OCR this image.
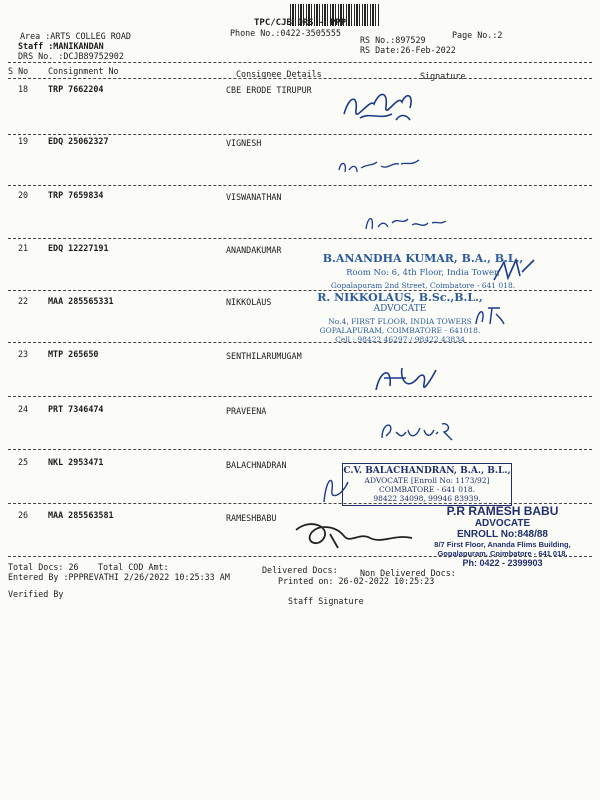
TPC/CJB DRS - PPP
Phone No.:0422-3505555
Area :ARTS COLLEG ROAD
Staff :MANIKANDAN
DRS No. :DCJB89752902
RS No.:897529
RS Date:26-Feb-2022
Page No.:2
S No Consignment No	Consignee Details	Signature
18 TRP 7662204	CBE ERODE TIRUPUR
19 EDQ 25062327	VIGNESH
20 TRP 7659834	VISWANATHAN
21 EDQ 12227191	ANANDAKUMAR
22 MAA 285565331	NIKKOLAUS
23 MTP 265650	SENTHILARUMUGAM
24 PRT 7346474	PRAVEENA
25 NKL 2953471	BALACHNADRAN
26 MAA 285563581	RAMESHBABU
B.ANANDHA KUMAR, B.A., B.L.,
Room No: 6, 4th Floor, India Tower,
Gopalapuram 2nd Street, Coimbatore - 641 018.
R. NIKKOLAUS, B.Sc.,B.L.,
ADVOCATE
No.4, FIRST FLOOR, INDIA TOWERS
GOPALAPURAM, COIMBATORE - 641018.
Cell : 98422 46297 / 98422 43834
C.V. BALACHANDRAN, B.A., B.L.,
ADVOCATE [Enroll No: 1173/92]
COIMBATORE - 641 018.
98422 34098, 99946 83939.
P.R RAMESH BABU
ADVOCATE
ENROLL No:848/88
8/7 First Floor, Ananda Flims Building,
Gopalapuram, Coimbatore - 641 018.
Ph: 0422 - 2399903
Total Docs: 26 Total COD Amt:	Delivered Docs:	Non Delivered Docs:
Entered By :PPPREVATHI 2/26/2022 10:25:33 AM	Printed on: 26-02-2022 10:25:23
Verified By
Staff Signature
